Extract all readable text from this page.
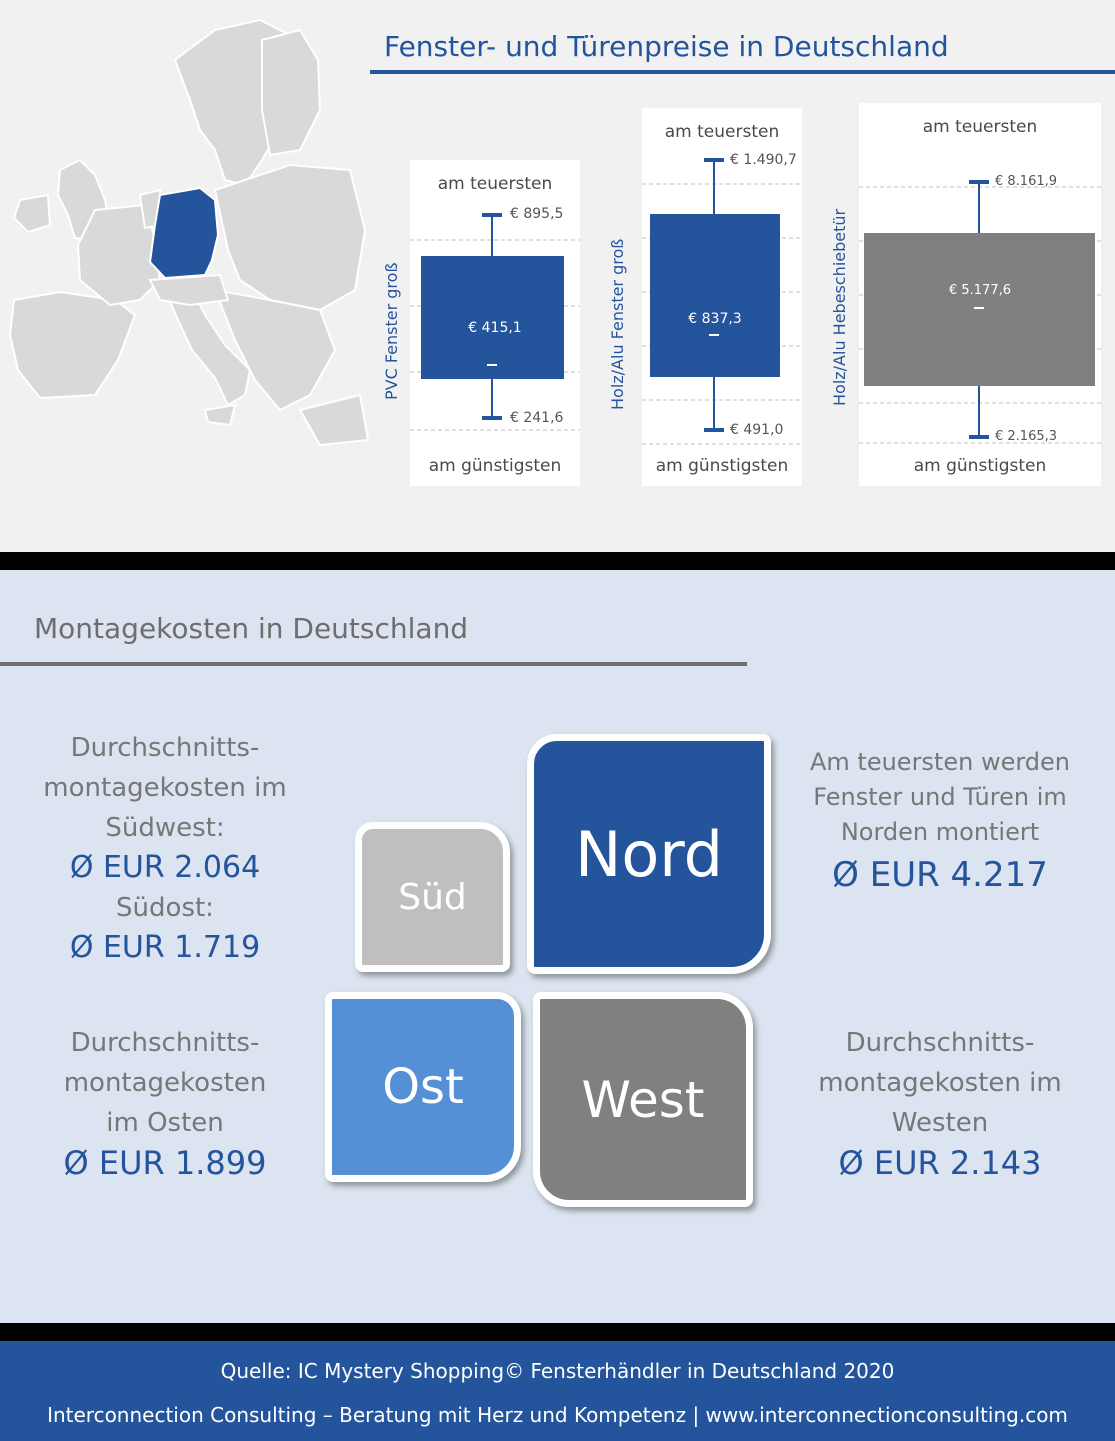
Fenster- und Türenpreise in Deutschland
am teuersten
am günstigsten
€ 895,5
€ 241,6
€ 415,1
PVC Fenster groß
am teuersten
am günstigsten
€ 1.490,7
€ 491,0
€ 837,3
Holz/Alu Fenster groß
am teuersten
am günstigsten
€ 8.161,9
€ 2.165,3
€ 5.177,6
Holz/Alu Hebeschiebetür
Montagekosten in Deutschland
Durchschnitts-
montagekosten im
Südwest:
Ø EUR 2.064
Südost:
Ø EUR 1.719
Am teuersten werden
Fenster und Türen im
Norden montiert
Ø EUR 4.217
Durchschnitts-
montagekosten
im Osten
Ø EUR 1.899
Durchschnitts-
montagekosten im
Westen
Ø EUR 2.143
Süd
Nord
Ost West
Quelle: IC Mystery Shopping© Fensterhändler in Deutschland 2020
Interconnection Consulting – Beratung mit Herz und Kompetenz | www.interconnectionconsulting.com
